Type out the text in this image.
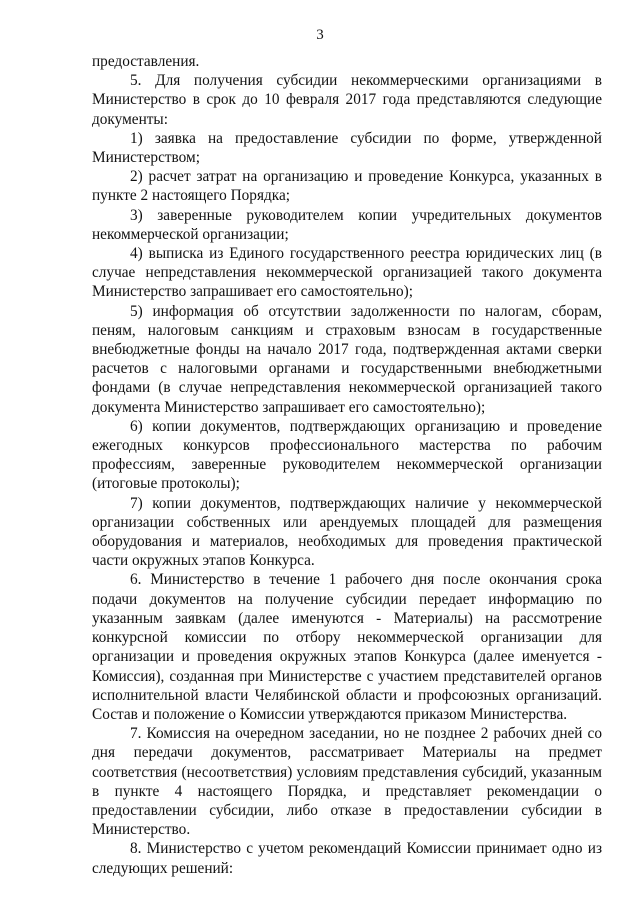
3

предоставления.

5. Для получения субсидии некоммерческими организациями в Министерство в срок до 10 февраля 2017 года представляются следующие документы:

1) заявка на предоставление субсидии по форме, утвержденной Министерством;

2) расчет затрат на организацию и проведение Конкурса, указанных в пункте 2 настоящего Порядка;

3) заверенные руководителем копии учредительных документов некоммерческой организации;

4) выписка из Единого государственного реестра юридических лиц (в случае непредставления некоммерческой организацией такого документа Министерство запрашивает его самостоятельно);

5) информация об отсутствии задолженности по налогам, сборам, пеням, налоговым санкциям и страховым взносам в государственные внебюджетные фонды на начало 2017 года, подтвержденная актами сверки расчетов с налоговыми органами и государственными внебюджетными фондами (в случае непредставления некоммерческой организацией такого документа Министерство запрашивает его самостоятельно);

6) копии документов, подтверждающих организацию и проведение ежегодных конкурсов профессионального мастерства по рабочим профессиям, заверенные руководителем некоммерческой организации (итоговые протоколы);

7) копии документов, подтверждающих наличие у некоммерческой организации собственных или арендуемых площадей для размещения оборудования и материалов, необходимых для проведения практической части окружных этапов Конкурса.

6. Министерство в течение 1 рабочего дня после окончания срока подачи документов на получение субсидии передает информацию по указанным заявкам (далее именуются - Материалы) на рассмотрение конкурсной комиссии по отбору некоммерческой организации для организации и проведения окружных этапов Конкурса (далее именуется - Комиссия), созданная при Министерстве с участием представителей органов исполнительной власти Челябинской области и профсоюзных организаций. Состав и положение о Комиссии утверждаются приказом Министерства.

7. Комиссия на очередном заседании, но не позднее 2 рабочих дней со дня передачи документов, рассматривает Материалы на предмет соответствия (несоответствия) условиям представления субсидий, указанным в пункте 4 настоящего Порядка, и представляет рекомендации о предоставлении субсидии, либо отказе в предоставлении субсидии в Министерство.

8. Министерство с учетом рекомендаций Комиссии принимает одно из следующих решений:
